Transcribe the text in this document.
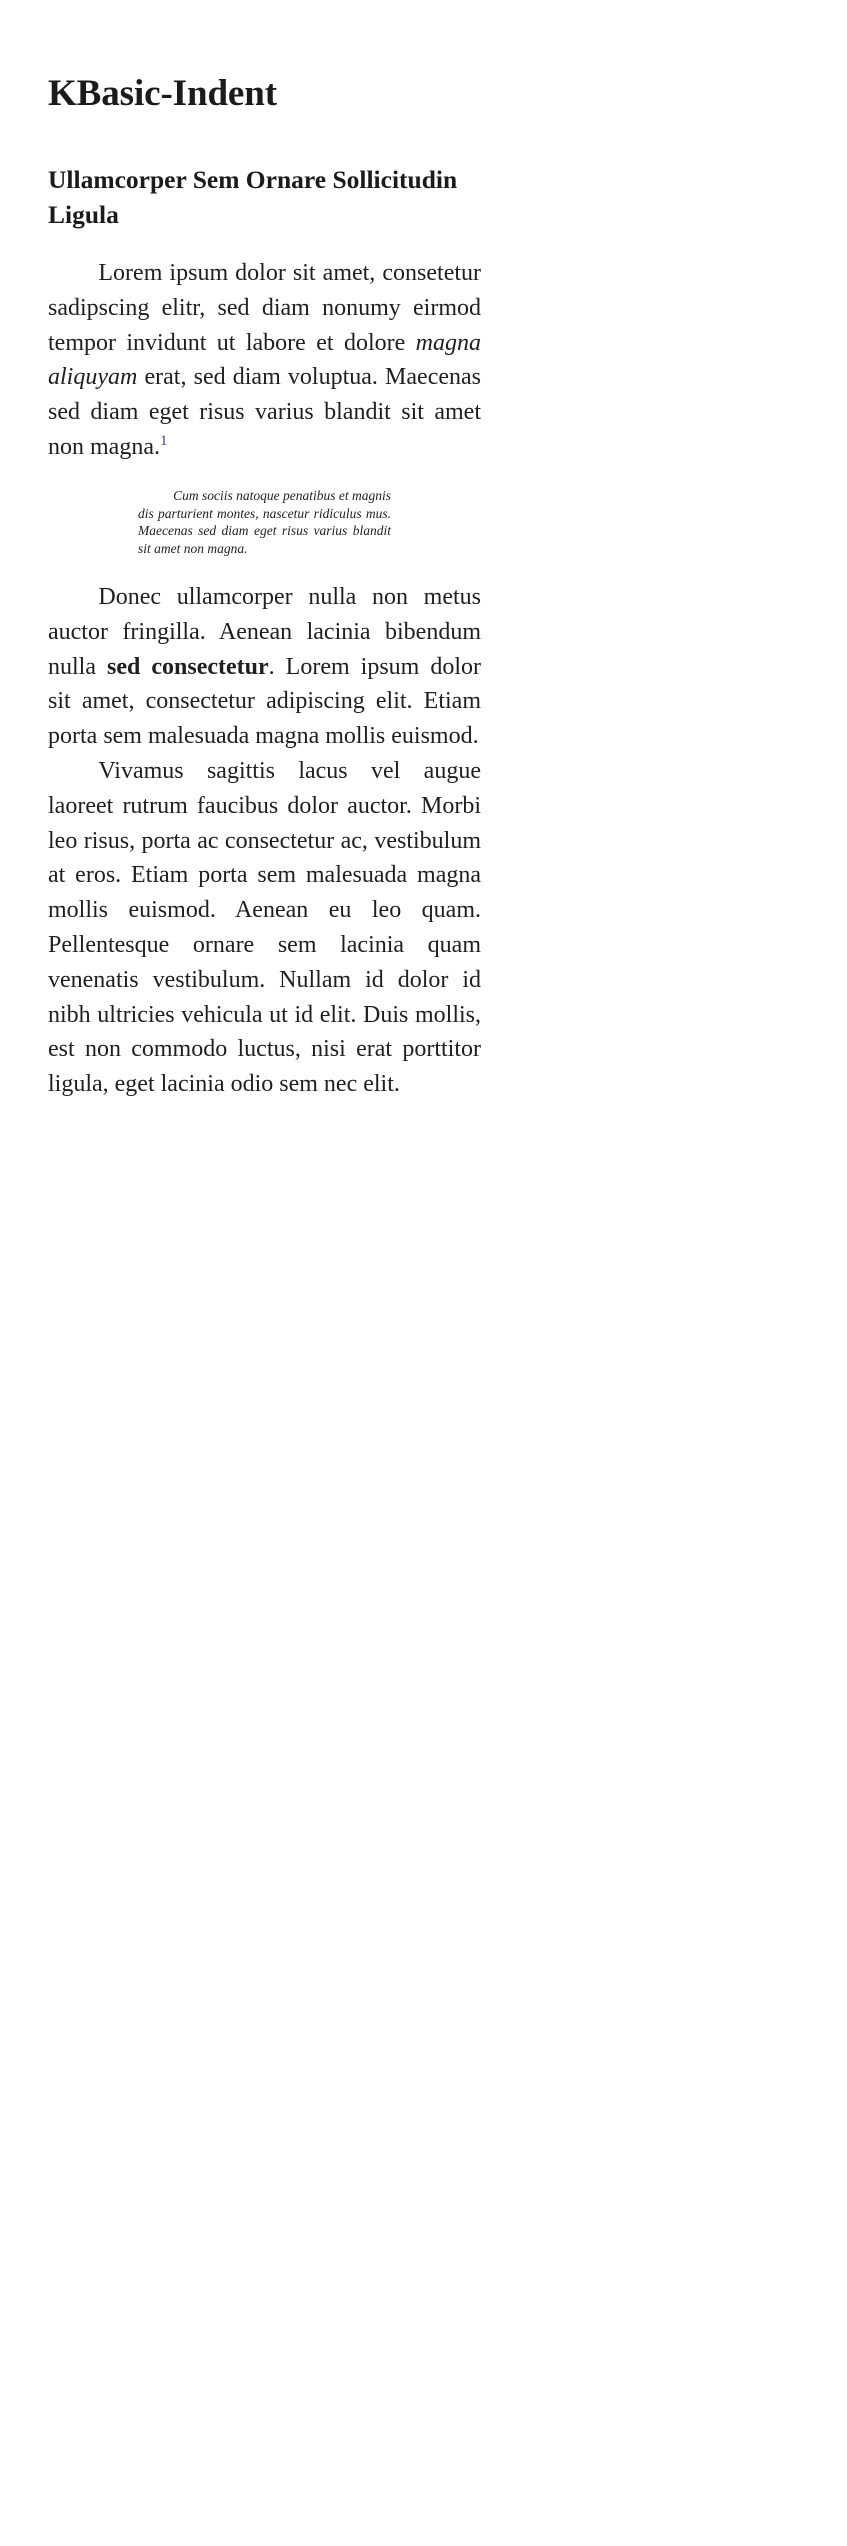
KBasic-Indent
Ullamcorper Sem Ornare Sollicitudin Ligula

Lorem ipsum dolor sit amet, consetetur sadipscing elitr, sed diam nonumy eirmod tempor invidunt ut labore et dolore magna aliquyam erat, sed diam voluptua. Maecenas sed diam eget risus varius blandit sit amet non magna.$^1$

Cum sociis natoque penatibus et magnis dis parturient montes, nascetur ridiculus mus. Maecenas sed diam eget risus varius blandit sit amet non magna.

Donec ullamcorper nulla non metus auctor fringilla. Aenean lacinia bibendum nulla sed consectetur. Lorem ipsum dolor sit amet, consectetur adipiscing elit. Etiam porta sem malesuada magna mollis euismod.

Vivamus sagittis lacus vel augue laoreet rutrum faucibus dolor auctor. Morbi leo risus, porta ac consectetur ac, vestibulum at eros. Etiam porta sem malesuada magna mollis euismod. Aenean eu leo quam. Pellentesque ornare sem lacinia quam venenatis vestibulum. Nullam id dolor id nibh ultricies vehicula ut id elit. Duis mollis, est non commodo luctus, nisi erat porttitor ligula, eget lacinia odio sem nec elit.
